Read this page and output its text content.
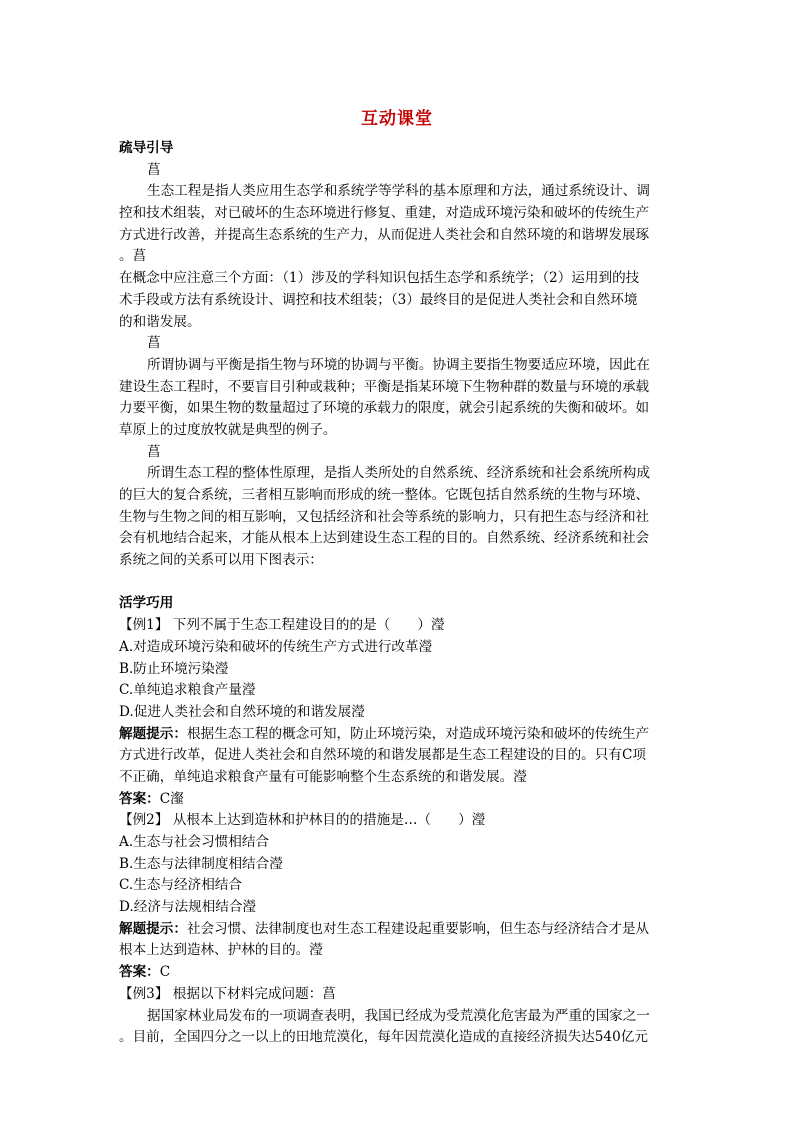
互动课堂
疏导引导
菖
生态工程是指人类应用生态学和系统学等学科的基本原理和方法，通过系统设计、调
控和技术组装，对已破坏的生态环境进行修复、重建，对造成环境污染和破坏的传统生产
方式进行改善，并提高生态系统的生产力，从而促进人类社会和自然环境的和谐堺发展琢
。菖
在概念中应注意三个方面：（1）涉及的学科知识包括生态学和系统学；（2）运用到的技
术手段或方法有系统设计、调控和技术组装；（3）最终目的是促进人类社会和自然环境
的和谐发展。
菖
所谓协调与平衡是指生物与环境的协调与平衡。协调主要指生物要适应环境，因此在
建设生态工程时，不要盲目引种或栽种；平衡是指某环境下生物种群的数量与环境的承载
力要平衡，如果生物的数量超过了环境的承载力的限度，就会引起系统的失衡和破坏。如
草原上的过度放牧就是典型的例子。
菖
所谓生态工程的整体性原理，是指人类所处的自然系统、经济系统和社会系统所构成
的巨大的复合系统，三者相互影响而形成的统一整体。它既包括自然系统的生物与环境、
生物与生物之间的相互影响，又包括经济和社会等系统的影响力，只有把生态与经济和社
会有机地结合起来，才能从根本上达到建设生态工程的目的。自然系统、经济系统和社会
系统之间的关系可以用下图表示：
活学巧用
【例1】 下列不属于生态工程建设目的的是（　　）瀅
A.对造成环境污染和破坏的传统生产方式进行改革瀅
B.防止环境污染瀅
C.单纯追求粮食产量瀅
D.促进人类社会和自然环境的和谐发展瀅
解题提示：根据生态工程的概念可知，防止环境污染，对造成环境污染和破坏的传统生产
方式进行改革，促进人类社会和自然环境的和谐发展都是生态工程建设的目的。只有C项
不正确，单纯追求粮食产量有可能影响整个生态系统的和谐发展。瀅
答案：C瀣
【例2】 从根本上达到造林和护林目的的措施是…（　　）瀅
A.生态与社会习惯相结合
B.生态与法律制度相结合瀅
C.生态与经济相结合
D.经济与法规相结合瀅
解题提示：社会习惯、法律制度也对生态工程建设起重要影响，但生态与经济结合才是从
根本上达到造林、护林的目的。瀅
答案：C
【例3】 根据以下材料完成问题：菖
据国家林业局发布的一项调查表明，我国已经成为受荒漠化危害最为严重的国家之一
。目前，全国四分之一以上的田地荒漠化，每年因荒漠化造成的直接经济损失达540亿元
